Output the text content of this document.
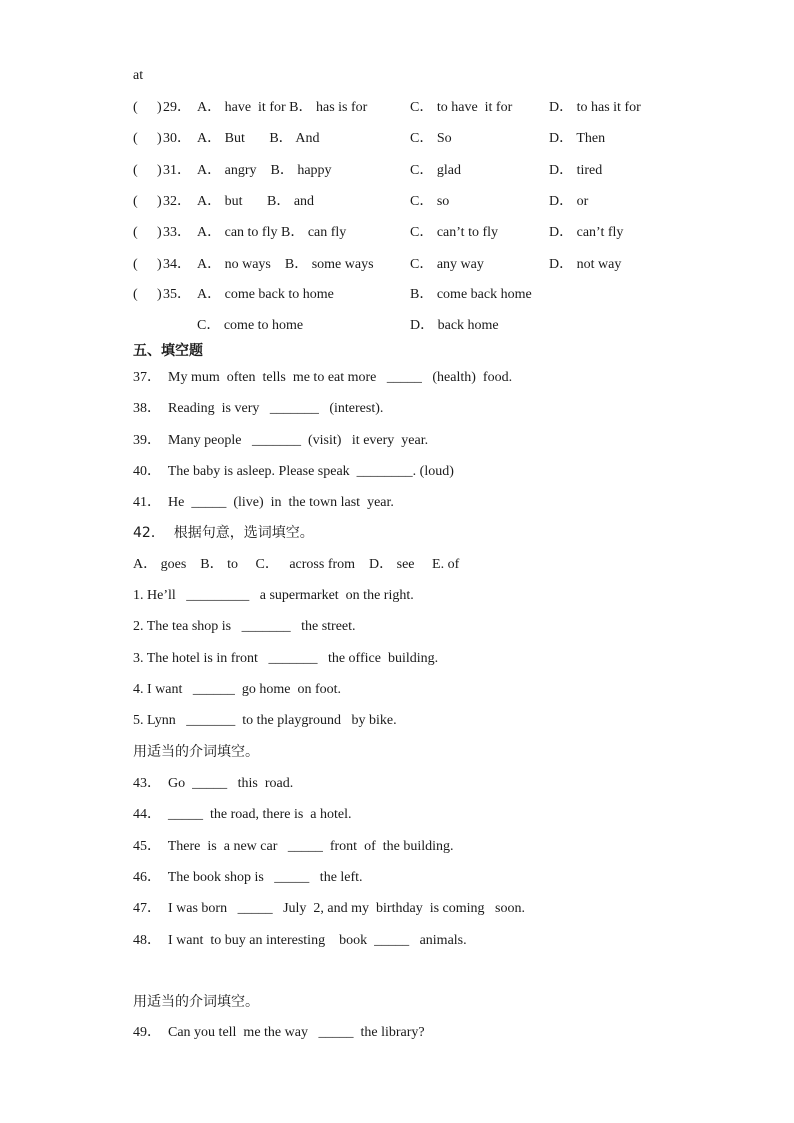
at
( ) 29． A． have  it for B． has is for	C． to have  it for	D． to has it for
( ) 30． A． But       B． And	C． So	D． Then
( ) 31． A． angry    B． happy	C． glad	D． tired
( ) 32． A． but       B． and	C． so	D． or
( ) 33． A． can to fly B． can fly	C． can’t to fly	D． can’t fly
( ) 34． A． no ways    B． some ways	C． any way	D． not way
( ) 35． A． come back to home	B． come back home
C． come to home	D． back home
五、填空题
37．  My mum  often  tells  me to eat more   _____   (health)  food.
38．  Reading  is very   _______   (interest).
39．  Many people   _______  (visit)   it every  year.
40．  The baby is asleep. Please speak  ________. (loud)
41．  He  _____  (live)  in  the town last  year.
42．  根据句意，选词填空。
A． goes    B． to     C．   across from    D． see     E. of
1. He’ll   _________   a supermarket  on the right.
2. The tea shop is   _______   the street.
3. The hotel is in front   _______   the office  building.
4. I want   ______  go home  on foot.
5. Lynn   _______  to the playground   by bike.
用适当的介词填空。
43．  Go  _____   this  road.
44．  _____  the road, there is  a hotel.
45．  There  is  a new car   _____  front  of  the building.
46．  The book shop is   _____   the left.
47．  I was born   _____   July  2, and my  birthday  is coming   soon.
48．  I want  to buy an interesting    book  _____   animals.
用适当的介词填空。
49．  Can you tell  me the way   _____  the library?
